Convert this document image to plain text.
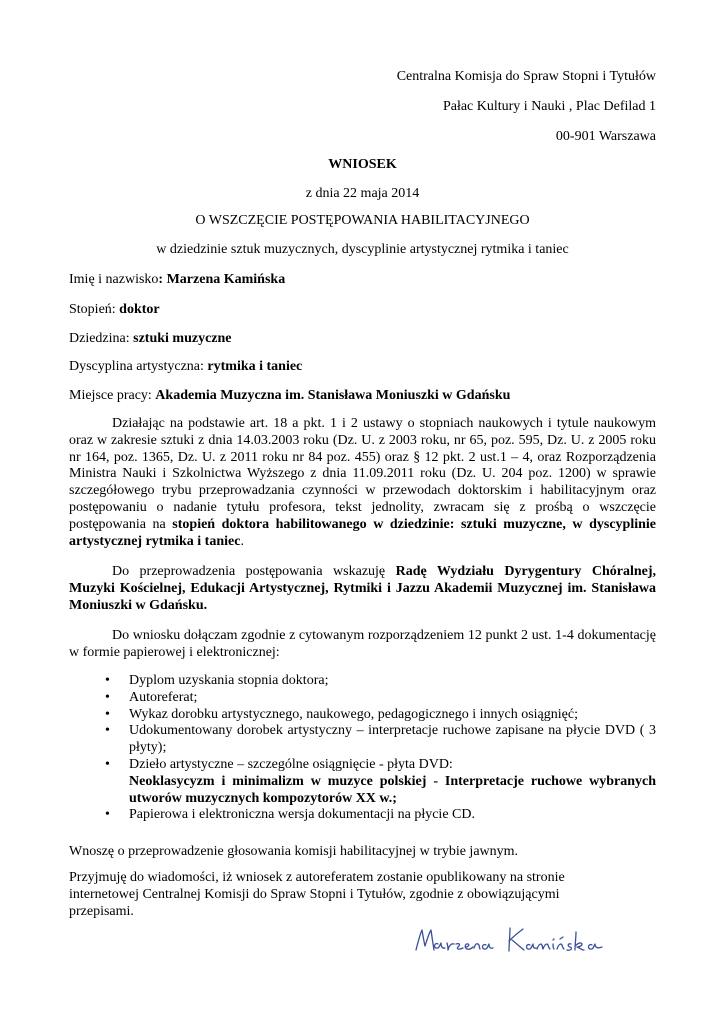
Centralna Komisja do Spraw Stopni i Tytułów
Pałac Kultury i Nauki , Plac Defilad 1
00-901 Warszawa
WNIOSEK
z dnia 22 maja 2014
O WSZCZĘCIE POSTĘPOWANIA HABILITACYJNEGO
w dziedzinie sztuk muzycznych, dyscyplinie artystycznej rytmika i taniec
Imię i nazwisko: Marzena Kamińska
Stopień: doktor
Dziedzina: sztuki muzyczne
Dyscyplina artystyczna: rytmika i taniec
Miejsce pracy: Akademia Muzyczna im. Stanisława Moniuszki w Gdańsku

Działając na podstawie art. 18 a pkt. 1 i 2 ustawy o stopniach naukowych i tytule naukowym oraz w zakresie sztuki z dnia 14.03.2003 roku (Dz. U. z 2003 roku, nr 65, poz. 595, Dz. U. z 2005 roku nr 164, poz. 1365, Dz. U. z 2011 roku nr 84 poz. 455) oraz § 12 pkt. 2 ust.1 – 4, oraz Rozporządzenia Ministra Nauki i Szkolnictwa Wyższego z dnia 11.09.2011 roku (Dz. U. 204 poz. 1200) w sprawie szczegółowego trybu przeprowadzania czynności w przewodach doktorskim i habilitacyjnym oraz postępowaniu o nadanie tytułu profesora, tekst jednolity, zwracam się z prośbą o wszczęcie postępowania na stopień doktora habilitowanego w dziedzinie: sztuki muzyczne, w dyscyplinie artystycznej rytmika i taniec.

Do przeprowadzenia postępowania wskazuję Radę Wydziału Dyrygentury Chóralnej, Muzyki Kościelnej, Edukacji Artystycznej, Rytmiki i Jazzu Akademii Muzycznej im. Stanisława Moniuszki w Gdańsku.

Do wniosku dołączam zgodnie z cytowanym rozporządzeniem 12 punkt 2 ust. 1-4 dokumentację w formie papierowej i elektronicznej:

• Dyplom uzyskania stopnia doktora;
• Autoreferat;
• Wykaz dorobku artystycznego, naukowego, pedagogicznego i innych osiągnięć;
• Udokumentowany dorobek artystyczny – interpretacje ruchowe zapisane na płycie DVD ( 3 płyty);
• Dzieło artystyczne – szczególne osiągnięcie - płyta DVD:
Neoklasycyzm i minimalizm w muzyce polskiej - Interpretacje ruchowe wybranych utworów muzycznych kompozytorów XX w.;
• Papierowa i elektroniczna wersja dokumentacji na płycie CD.

Wnoszę o przeprowadzenie głosowania komisji habilitacyjnej w trybie jawnym.

Przyjmuję do wiadomości, iż wniosek z autoreferatem zostanie opublikowany na stronie internetowej Centralnej Komisji do Spraw Stopni i Tytułów, zgodnie z obowiązującymi przepisami.
